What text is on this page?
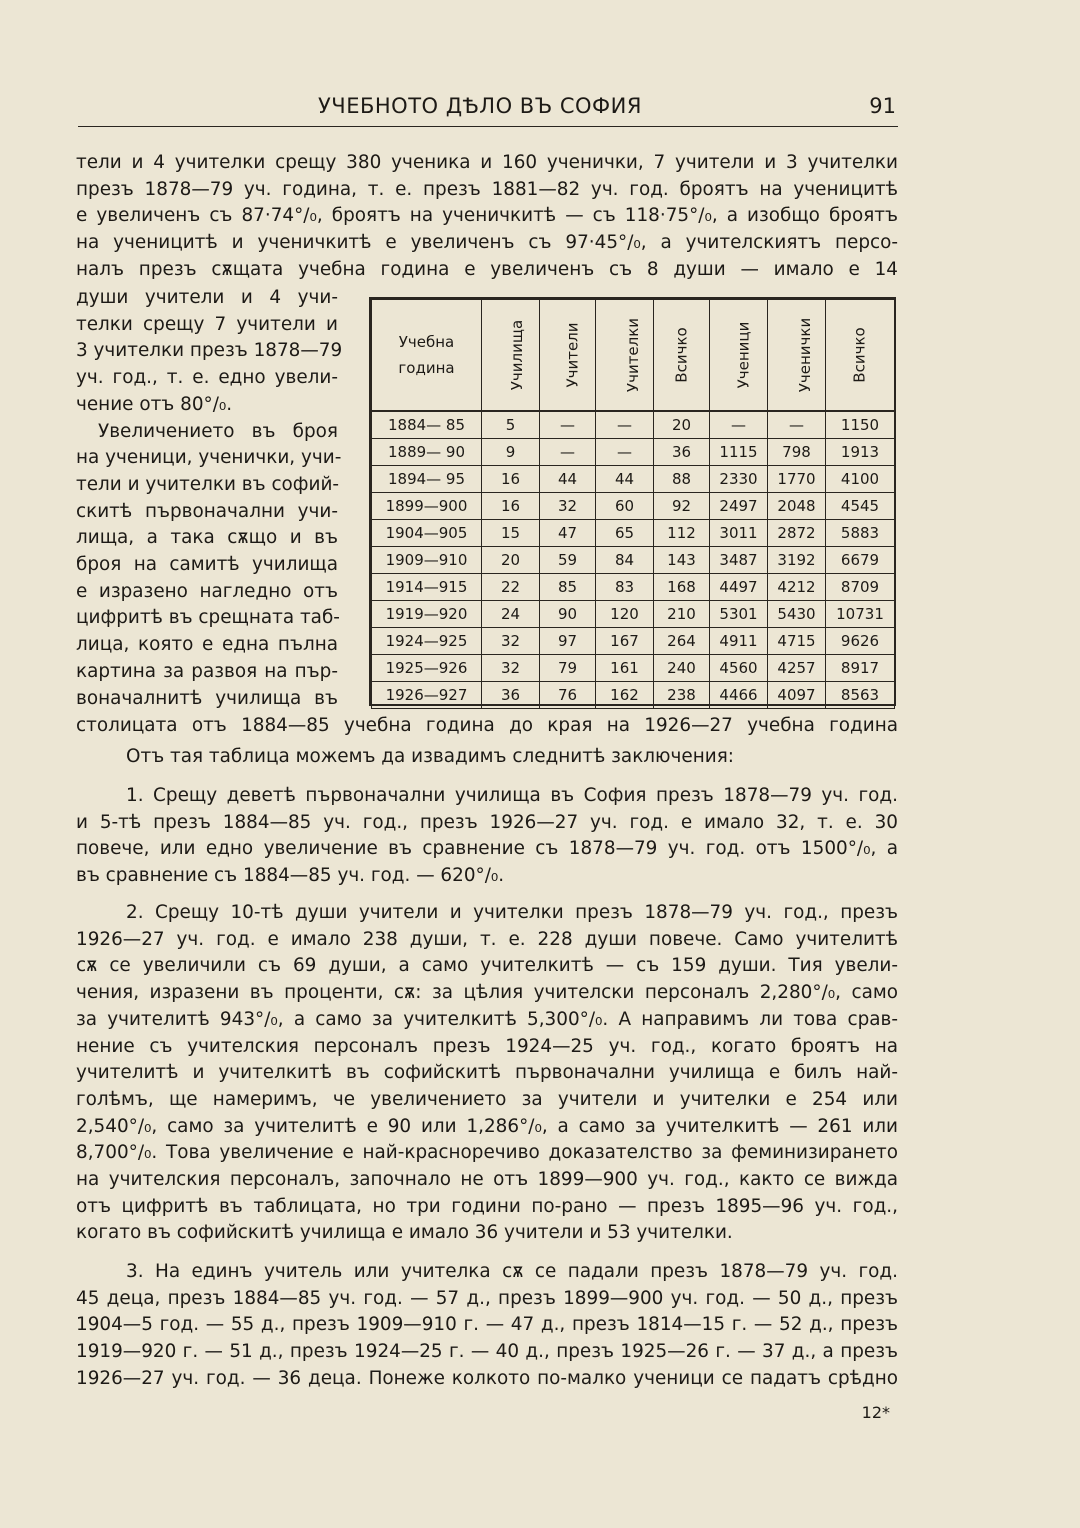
УЧЕБНОТО ДѢЛО ВЪ СОФИЯ	91
тели и 4 учителки срещу 380 ученика и 160 ученички, 7 учители и 3 учителки
презъ 1878—79 уч. година, т. е. презъ 1881—82 уч. год. броятъ на ученицитѣ
е увеличенъ съ 87·74°/₀, броятъ на ученичкитѣ — съ 118·75°/₀, а изобщо броятъ
на ученицитѣ и ученичкитѣ е увеличенъ съ 97·45°/₀, а учителскиятъ персо-
налъ презъ сѫщата учебна година е увеличенъ съ 8 души — имало е 14
души учители и 4 учи-
телки срещу 7 учители и
3 учителки презъ 1878—79
уч. год., т. е. едно увели-
чение отъ 80°/₀.
Увеличението въ броя
на ученици, ученички, учи-
тели и учителки въ софий-
скитѣ първоначални учи-
лища, а така сѫщо и въ
броя на самитѣ училища
е изразено нагледно отъ
цифритѣ въ срещната таб-
лица, която е една пълна
картина за развоя на пър-
воначалнитѣ училища въ
Учебна
година	Училища	Учители	Учителки	Всичко	Ученици	Ученички	Всичко
1884— 85	5	—	—	20	—	—	1150
1889— 90	9	—	—	36	1115	798	1913
1894— 95	16	44	44	88	2330	1770	4100
1899—900	16	32	60	92	2497	2048	4545
1904—905	15	47	65	112	3011	2872	5883
1909—910	20	59	84	143	3487	3192	6679
1914—915	22	85	83	168	4497	4212	8709
1919—920	24	90	120	210	5301	5430	10731
1924—925	32	97	167	264	4911	4715	9626
1925—926	32	79	161	240	4560	4257	8917
1926—927	36	76	162	238	4466	4097	8563
столицата отъ 1884—85 учебна година до края на 1926—27 учебна година
Отъ тая таблица можемъ да извадимъ следнитѣ заключения:
1. Срещу деветѣ първоначални училища въ София презъ 1878—79 уч. год.
и 5-тѣ презъ 1884—85 уч. год., презъ 1926—27 уч. год. е имало 32, т. е. 30
повече, или едно увеличение въ сравнение съ 1878—79 уч. год. отъ 1500°/₀, а
въ сравнение съ 1884—85 уч. год. — 620°/₀.
2. Срещу 10-тѣ души учители и учителки презъ 1878—79 уч. год., презъ
1926—27 уч. год. е имало 238 души, т. е. 228 души повече. Само учителитѣ
сѫ се увеличили съ 69 души, а само учителкитѣ — съ 159 души. Тия увели-
чения, изразени въ проценти, сѫ: за цѣлия учителски персоналъ 2,280°/₀, само
за учителитѣ 943°/₀, а само за учителкитѣ 5,300°/₀. А направимъ ли това срав-
нение съ учителския персоналъ презъ 1924—25 уч. год., когато броятъ на
учителитѣ и учителкитѣ въ софийскитѣ първоначални училища е билъ най-
голѣмъ, ще намеримъ, че увеличението за учители и учителки е 254 или
2,540°/₀, само за учителитѣ е 90 или 1,286°/₀, а само за учителкитѣ — 261 или
8,700°/₀. Това увеличение е най-красноречиво доказателство за феминизирането
на учителския персоналъ, започнало не отъ 1899—900 уч. год., както се вижда
отъ цифритѣ въ таблицата, но три години по-рано — презъ 1895—96 уч. год.,
когато въ софийскитѣ училища е имало 36 учители и 53 учителки.
3. На единъ учитель или учителка сѫ се падали презъ 1878—79 уч. год.
45 деца, презъ 1884—85 уч. год. — 57 д., презъ 1899—900 уч. год. — 50 д., презъ
1904—5 год. — 55 д., презъ 1909—910 г. — 47 д., презъ 1814—15 г. — 52 д., презъ
1919—920 г. — 51 д., презъ 1924—25 г. — 40 д., презъ 1925—26 г. — 37 д., а презъ
1926—27 уч. год. — 36 деца. Понеже колкото по-малко ученици се падатъ срѣдно
12*
